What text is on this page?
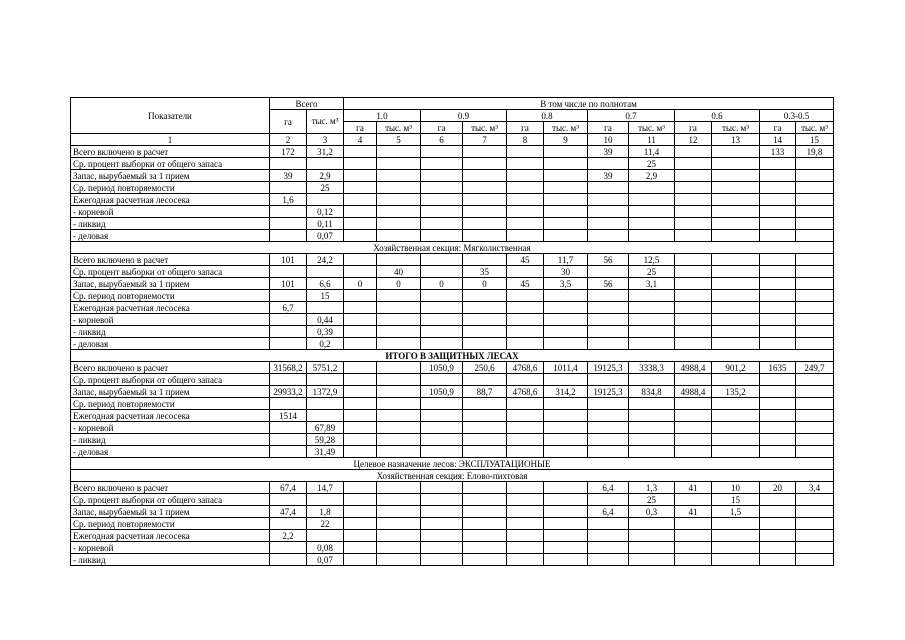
Показатели	Всего		В том числе по полнотам											
	га	тыс. м³	1.0		0.9		0.8		0.7		0.6		0.3-0.5	
			га	тыс. м³	га	тыс. м³	га	тыс. м³	га	тыс. м³	га	тыс. м³	га	тыс. м³
1	2	3	4	5	6	7	8	9	10	11	12	13	14	15
Всего включено в расчет	172	31,2							39	11,4			133	19,8
Ср. процент выборки от общего запаса										25				
Запас, вырубаемый за 1 прием	39	2,9							39	2,9				
Ср. период повторяемости		25												
Ежегодная расчетная лесосека	1,6													
- корневой		0,12												
- ликвид		0,11												
- деловая		0,07												
Хозяйственная секция: Мягколиственная														
Всего включено в расчет	101	24,2					45	11,7	56	12,5				
Ср. процент выборки от общего запаса				40		35		30		25				
Запас, вырубаемый за 1 прием	101	6,6	0	0	0	0	45	3,5	56	3,1				
Ср. период повторяемости		15												
Ежегодная расчетная лесосека	6,7													
- корневой		0,44												
- ликвид		0,39												
- деловая		0,2												
ИТОГО В ЗАЩИТНЫХ ЛЕСАХ														
Всего включено в расчет	31568,2	5751,2			1050,9	250,6	4768,6	1011,4	19125,3	3338,3	4988,4	901,2	1635	249,7
Ср. процент выборки от общего запаса														
Запас, вырубаемый за 1 прием	29933,2	1372,9			1050,9	88,7	4768,6	314,2	19125,3	834,8	4988,4	135,2		
Ср. период повторяемости														
Ежегодная расчетная лесосека	1514													
- корневой		67,89												
- ликвид		59,28												
- деловая		31,49												
Целевое назначение лесов: ЭКСПЛУАТАЦИОНЫЕ														
Хозяйственная секция: Елово-пихтовая														
Всего включено в расчет	67,4	14,7							6,4	1,3	41	10	20	3,4
Ср. процент выборки от общего запаса										25		15		
Запас, вырубаемый за 1 прием	47,4	1,8							6,4	0,3	41	1,5		
Ср. период повторяемости		22												
Ежегодная расчетная лесосека	2,2													
- корневой		0,08												
- ликвид		0,07												
